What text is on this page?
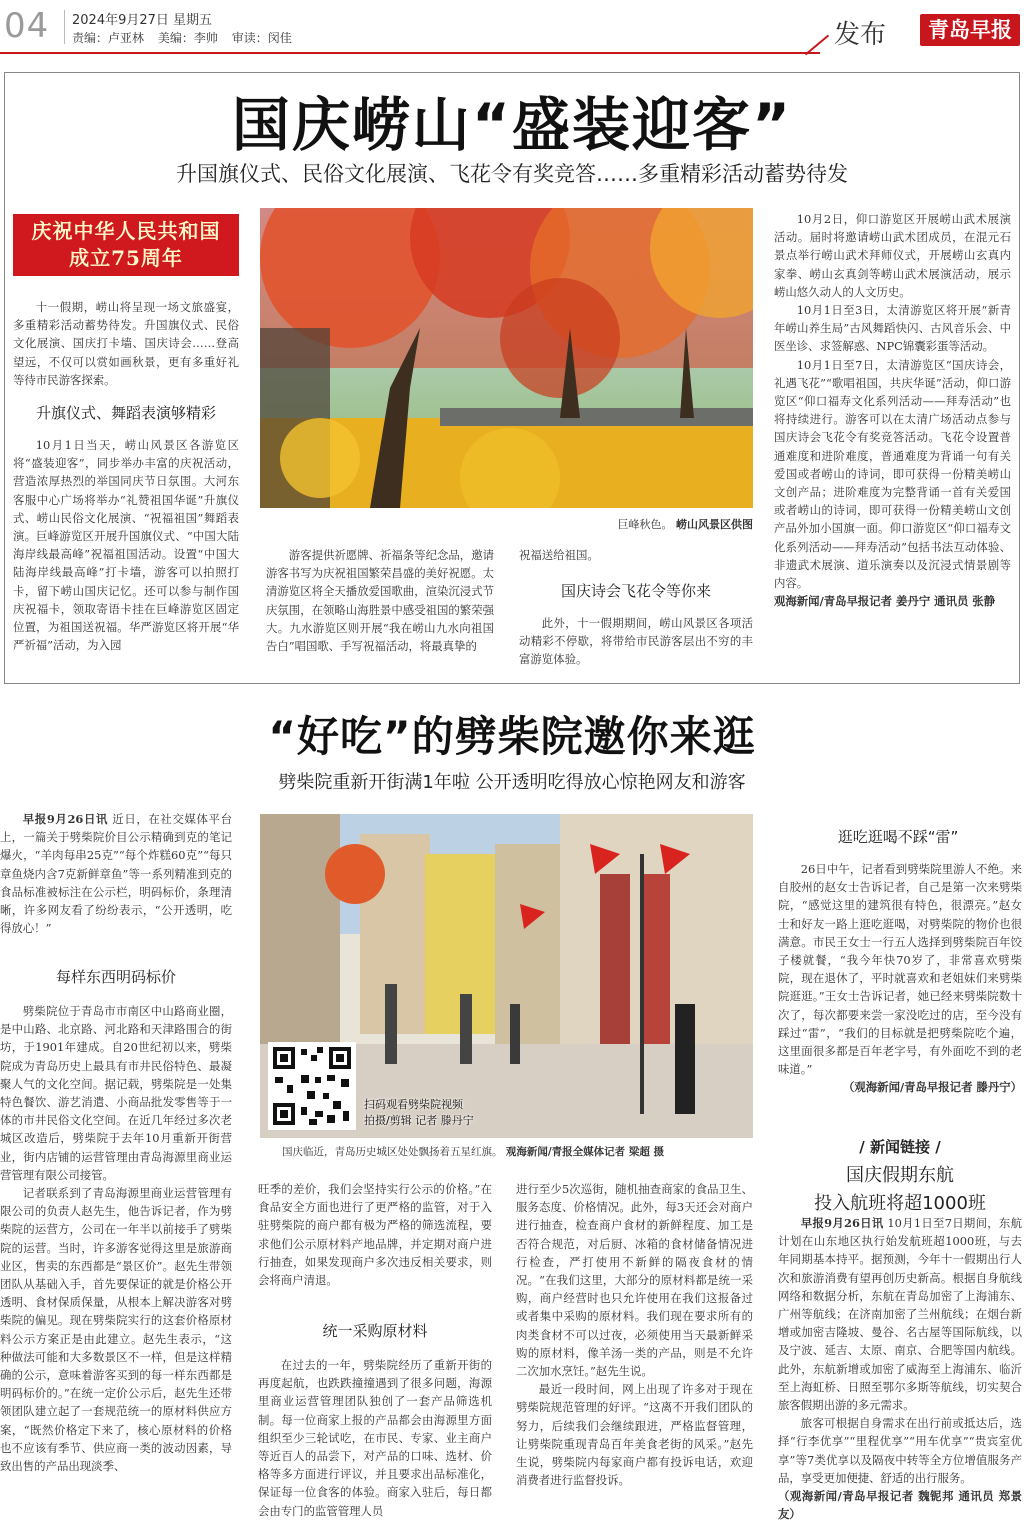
04 2024年9月27日 星期五
责编：卢亚林 美编：李帅 审读：闵佳	发布	青岛早报
国庆崂山“盛装迎客”
升国旗仪式、民俗文化展演、飞花令有奖竞答……多重精彩活动蓄势待发
庆祝中华人民共和国
成立75周年

十一假期，崂山将呈现一场文旅盛宴，多重精彩活动蓄势待发。升国旗仪式、民俗文化展演、国庆打卡墙、国庆诗会……登高望远，不仅可以赏如画秋景，更有多重好礼等待市民游客探索。

升旗仪式、舞蹈表演够精彩

10月1日当天，崂山风景区各游览区将“盛装迎客”，同步举办丰富的庆祝活动，营造浓厚热烈的举国同庆节日氛围。大河东客服中心广场将举办“礼赞祖国华诞”升旗仪式、崂山民俗文化展演、“祝福祖国”舞蹈表演。巨峰游览区开展升国旗仪式、“中国大陆海岸线最高峰”祝福祖国活动。设置“中国大陆海岸线最高峰”打卡墙，游客可以拍照打卡，留下崂山国庆记忆。还可以参与制作国庆祝福卡，领取寄语卡挂在巨峰游览区固定位置，为祖国送祝福。华严游览区将开展“华严祈福”活动，为入园

巨峰秋色。 崂山风景区供图

游客提供祈愿牌、祈福条等纪念品，邀请游客书写为庆祝祖国繁荣昌盛的美好祝愿。太清游览区将全天播放爱国歌曲，渲染沉浸式节庆氛围，在领略山海胜景中感受祖国的繁荣强大。九水游览区则开展“我在崂山九水向祖国告白”唱国歌、手写祝福活动，将最真挚的

祝福送给祖国。

国庆诗会飞花令等你来

此外，十一假期期间，崂山风景区各项活动精彩不停歇，将带给市民游客层出不穷的丰富游览体验。

10月2日，仰口游览区开展崂山武术展演活动。届时将邀请崂山武术团成员，在混元石景点举行崂山武术拜师仪式，开展崂山玄真内家拳、崂山玄真剑等崂山武术展演活动，展示崂山悠久动人的人文历史。

10月1日至3日，太清游览区将开展“新青年崂山养生局”古风舞蹈快闪、古风音乐会、中医坐诊、求签解惑、NPC锦囊彩蛋等活动。

10月1日至7日，太清游览区“国庆诗会，礼遇飞花”“歌唱祖国，共庆华诞”活动，仰口游览区“仰口福寿文化系列活动——拜寿活动”也将持续进行。游客可以在太清广场活动点参与国庆诗会飞花令有奖竞答活动。飞花令设置普通难度和进阶难度，普通难度为背诵一句有关爱国或者崂山的诗词，即可获得一份精美崂山文创产品；进阶难度为完整背诵一首有关爱国或者崂山的诗词，即可获得一份精美崂山文创产品外加小国旗一面。仰口游览区“仰口福寿文化系列活动——拜寿活动”包括书法互动体验、非遗武术展演、道乐演奏以及沉浸式情景剧等内容。

观海新闻/青岛早报记者 姜丹宁 通讯员 张静

“好吃”的劈柴院邀你来逛
劈柴院重新开街满1年啦 公开透明吃得放心惊艳网友和游客

早报9月26日讯 近日，在社交媒体平台上，一篇关于劈柴院价目公示精确到克的笔记爆火，“羊肉每串25克”“每个炸糕60克”“每只章鱼烧内含7克新鲜章鱼”等一系列精准到克的食品标准被标注在公示栏，明码标价，条理清晰，许多网友看了纷纷表示，“公开透明，吃得放心！”

每样东西明码标价

劈柴院位于青岛市市南区中山路商业圈，是中山路、北京路、河北路和天津路围合的街坊，于1901年建成。自20世纪初以来，劈柴院成为青岛历史上最具有市井民俗特色、最凝聚人气的文化空间。据记载，劈柴院是一处集特色餐饮、游艺消遣、小商品批发零售等于一体的市井民俗文化空间。在近几年经过多次老城区改造后，劈柴院于去年10月重新开街营业，街内店铺的运营管理由青岛海源里商业运营管理有限公司接管。

记者联系到了青岛海源里商业运营管理有限公司的负责人赵先生，他告诉记者，作为劈柴院的运营方，公司在一年半以前接手了劈柴院的运营。当时，许多游客觉得这里是旅游商业区，售卖的东西都是“景区价”。赵先生带领团队从基础入手，首先要保证的就是价格公开透明、食材保质保量，从根本上解决游客对劈柴院的偏见。现在劈柴院实行的这套价格原材料公示方案正是由此建立。赵先生表示，“这种做法可能和大多数景区不一样，但是这样精确的公示，意味着游客买到的每一样东西都是明码标价的。”在统一定价公示后，赵先生还带领团队建立起了一套规范统一的原材料供应方案，“既然价格定下来了，核心原材料的价格也不应该有季节、供应商一类的波动因素，导致出售的产品出现淡季、

扫码观看劈柴院视频
拍摄/剪辑 记者 滕丹宁
国庆临近，青岛历史城区处处飘扬着五星红旗。 观海新闻/青报全媒体记者 梁超 摄

旺季的差价，我们会坚持实行公示的价格。”在食品安全方面也进行了更严格的监管，对于入驻劈柴院的商户都有极为严格的筛选流程，要求他们公示原材料产地品牌，并定期对商户进行抽查，如果发现商户多次违反相关要求，则会将商户清退。

统一采购原材料

在过去的一年，劈柴院经历了重新开街的再度起航，也跌跌撞撞遇到了很多问题，海源里商业运营管理团队独创了一套产品筛选机制。每一位商家上报的产品都会由海源里方面组织至少三轮试吃，在市民、专家、业主商户等近百人的品尝下，对产品的口味、选材、价格等多方面进行评议，并且要求出品标准化，保证每一位食客的体验。商家入驻后，每日都会由专门的监管管理人员

进行至少5次巡街，随机抽查商家的食品卫生、服务态度、价格情况。此外，每3天还会对商户进行抽查，检查商户食材的新鲜程度、加工是否符合规范，对后厨、冰箱的食材储备情况进行检查，严打使用不新鲜的隔夜食材的情况。“在我们这里，大部分的原材料都是统一采购，商户经营时也只允许使用在我们这报备过或者集中采购的原材料。我们现在要求所有的肉类食材不可以过夜，必须使用当天最新鲜采购的原材料，像羊汤一类的产品，则是不允许二次加水烹饪。”赵先生说。

最近一段时间，网上出现了许多对于现在劈柴院规范管理的好评。“这离不开我们团队的努力，后续我们会继续跟进，严格监督管理，让劈柴院重现青岛百年美食老街的风采。”赵先生说，劈柴院内每家商户都有投诉电话，欢迎消费者进行监督投诉。

逛吃逛喝不踩“雷”

26日中午，记者看到劈柴院里游人不绝。来自胶州的赵女士告诉记者，自己是第一次来劈柴院，“感觉这里的建筑很有特色，很漂亮。”赵女士和好友一路上逛吃逛喝，对劈柴院的物价也很满意。市民王女士一行五人选择到劈柴院百年饺子楼就餐，“我今年快70岁了，非常喜欢劈柴院，现在退休了，平时就喜欢和老姐妹们来劈柴院逛逛。”王女士告诉记者，她已经来劈柴院数十次了，每次都要来尝一家没吃过的店，至今没有踩过“雷”，“我们的目标就是把劈柴院吃个遍，这里面很多都是百年老字号，有外面吃不到的老味道。”

（观海新闻/青岛早报记者 滕丹宁）

/ 新闻链接 /
国庆假期东航
投入航班将超1000班

早报9月26日讯 10月1日至7日期间，东航计划在山东地区执行始发航班超1000班，与去年同期基本持平。据预测，今年十一假期出行人次和旅游消费有望再创历史新高。根据自身航线网络和数据分析，东航在青岛加密了上海浦东、广州等航线；在济南加密了兰州航线；在烟台新增或加密吉隆坡、曼谷、名古屋等国际航线，以及宁波、延吉、太原、南京、合肥等国内航线。此外，东航新增或加密了威海至上海浦东、临沂至上海虹桥、日照至鄂尔多斯等航线，切实契合旅客假期出游的多元需求。

旅客可根据自身需求在出行前或抵达后，选择“行李优享”“里程优享”“用车优享”“贵宾室优享”等7类优享以及隔夜中转等全方位增值服务产品，享受更加便捷、舒适的出行服务。

（观海新闻/青岛早报记者 魏铌邦 通讯员 郑景友）
